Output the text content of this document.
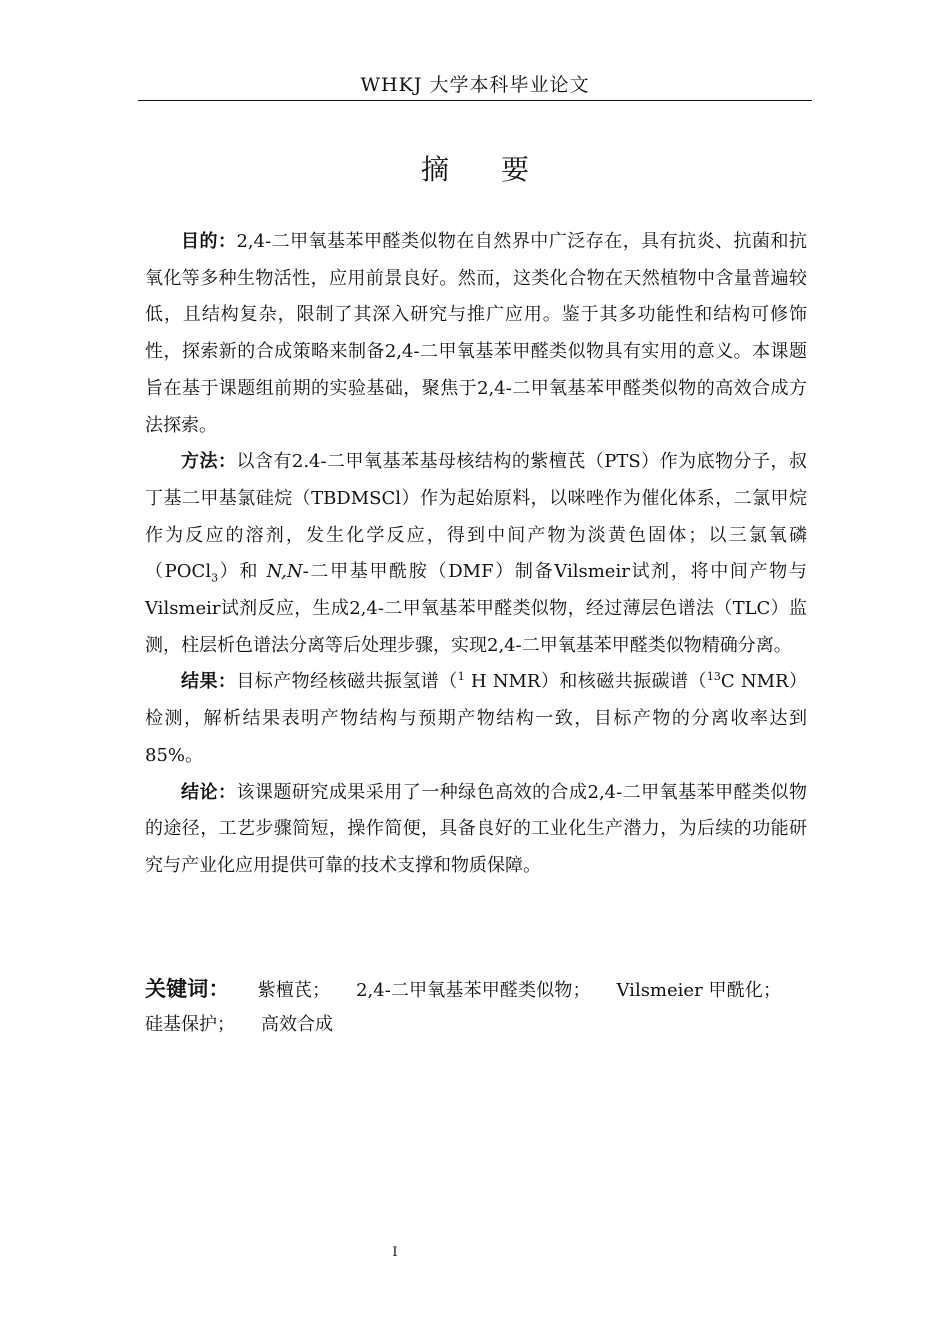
WHKJ 大学本科毕业论文
摘要

目的：2,4-二甲氧基苯甲醛类似物在自然界中广泛存在，具有抗炎、抗菌和抗氧化等多种生物活性，应用前景良好。然而，这类化合物在天然植物中含量普遍较低，且结构复杂，限制了其深入研究与推广应用。鉴于其多功能性和结构可修饰性，探索新的合成策略来制备2,4-二甲氧基苯甲醛类似物具有实用的意义。本课题旨在基于课题组前期的实验基础，聚焦于2,4-二甲氧基苯甲醛类似物的高效合成方法探索。

方法：以含有2.4-二甲氧基苯基母核结构的紫檀芪（PTS）作为底物分子，叔丁基二甲基氯硅烷（TBDMSCl）作为起始原料，以咪唑作为催化体系，二氯甲烷作为反应的溶剂，发生化学反应，得到中间产物为淡黄色固体；以三氯氧磷（POCl$_3$）和 N,N-二甲基甲酰胺（DMF）制备Vilsmeir试剂，将中间产物与Vilsmeir试剂反应，生成2,4-二甲氧基苯甲醛类似物，经过薄层色谱法（TLC）监测，柱层析色谱法分离等后处理步骤，实现2,4-二甲氧基苯甲醛类似物精确分离。

结果：目标产物经核磁共振氢谱（$^1$ H NMR）和核磁共振碳谱（$^{13}$C NMR）检测，解析结果表明产物结构与预期产物结构一致，目标产物的分离收率达到85%。

结论：该课题研究成果采用了一种绿色高效的合成2,4-二甲氧基苯甲醛类似物的途径，工艺步骤简短，操作简便，具备良好的工业化生产潜力，为后续的功能研究与产业化应用提供可靠的技术支撑和物质保障。

关键词： 紫檀芪； 2,4-二甲氧基苯甲醛类似物； Vilsmeier 甲酰化；硅基保护； 高效合成
I
